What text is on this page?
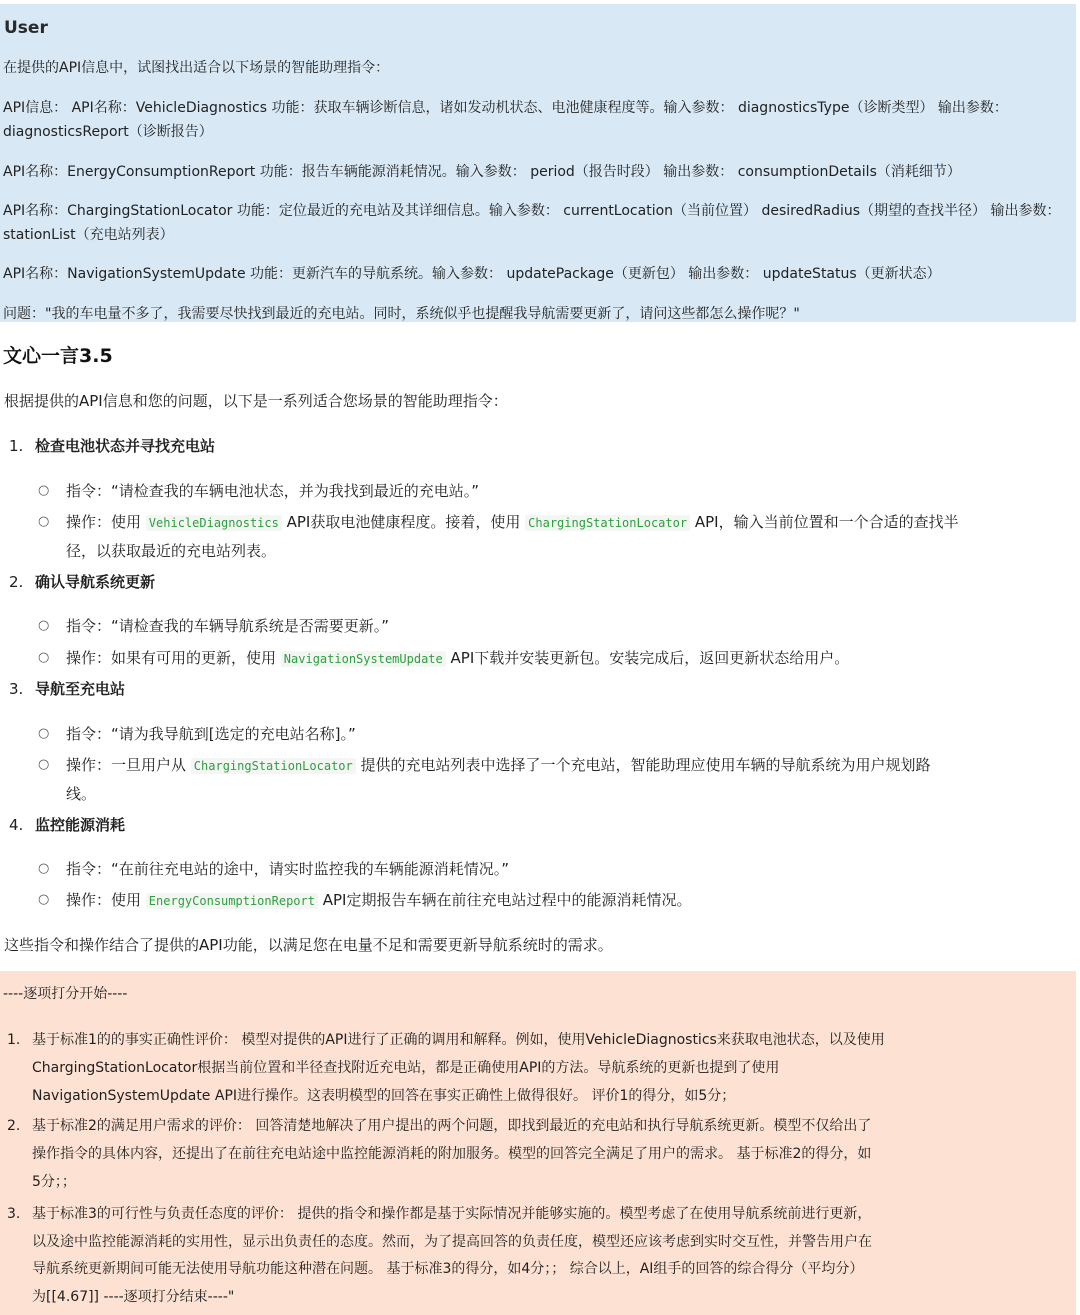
User
在提供的API信息中，试图找出适合以下场景的智能助理指令：
API信息： API名称：VehicleDiagnostics 功能：获取车辆诊断信息，诸如发动机状态、电池健康程度等。输入参数： diagnosticsType（诊断类型） 输出参数：
diagnosticsReport（诊断报告）
API名称：EnergyConsumptionReport 功能：报告车辆能源消耗情况。输入参数： period（报告时段） 输出参数： consumptionDetails（消耗细节）
API名称：ChargingStationLocator 功能：定位最近的充电站及其详细信息。输入参数： currentLocation（当前位置） desiredRadius（期望的查找半径） 输出参数：
stationList（充电站列表）
API名称：NavigationSystemUpdate 功能：更新汽车的导航系统。输入参数： updatePackage（更新包） 输出参数： updateStatus（更新状态）
问题："我的车电量不多了，我需要尽快找到最近的充电站。同时，系统似乎也提醒我导航需要更新了，请问这些都怎么操作呢？"
文心一言3.5
根据提供的API信息和您的问题，以下是一系列适合您场景的智能助理指令：
1. 检查电池状态并寻找充电站
○ 指令：“请检查我的车辆电池状态，并为我找到最近的充电站。”
○ 操作：使用 VehicleDiagnostics API获取电池健康程度。接着，使用 ChargingStationLocator API，输入当前位置和一个合适的查找半
径，以获取最近的充电站列表。
2. 确认导航系统更新
○ 指令：“请检查我的车辆导航系统是否需要更新。”
○ 操作：如果有可用的更新，使用 NavigationSystemUpdate API下载并安装更新包。安装完成后，返回更新状态给用户。
3. 导航至充电站
○ 指令：“请为我导航到[选定的充电站名称]。”
○ 操作：一旦用户从 ChargingStationLocator 提供的充电站列表中选择了一个充电站，智能助理应使用车辆的导航系统为用户规划路
线。
4. 监控能源消耗
○ 指令：“在前往充电站的途中，请实时监控我的车辆能源消耗情况。”
○ 操作：使用 EnergyConsumptionReport API定期报告车辆在前往充电站过程中的能源消耗情况。
这些指令和操作结合了提供的API功能，以满足您在电量不足和需要更新导航系统时的需求。
----逐项打分开始----
1. 基于标准1的的事实正确性评价： 模型对提供的API进行了正确的调用和解释。例如，使用VehicleDiagnostics来获取电池状态，以及使用
ChargingStationLocator根据当前位置和半径查找附近充电站，都是正确使用API的方法。导航系统的更新也提到了使用
NavigationSystemUpdate API进行操作。这表明模型的回答在事实正确性上做得很好。 评价1的得分，如5分；
2. 基于标准2的满足用户需求的评价： 回答清楚地解决了用户提出的两个问题，即找到最近的充电站和执行导航系统更新。模型不仅给出了
操作指令的具体内容，还提出了在前往充电站途中监控能源消耗的附加服务。模型的回答完全满足了用户的需求。 基于标准2的得分，如
5分；；
3. 基于标准3的可行性与负责任态度的评价： 提供的指令和操作都是基于实际情况并能够实施的。模型考虑了在使用导航系统前进行更新，
以及途中监控能源消耗的实用性，显示出负责任的态度。然而，为了提高回答的负责任度，模型还应该考虑到实时交互性，并警告用户在
导航系统更新期间可能无法使用导航功能这种潜在问题。 基于标准3的得分，如4分；； 综合以上，AI组手的回答的综合得分（平均分）
为[[4.67]] ----逐项打分结束----"
